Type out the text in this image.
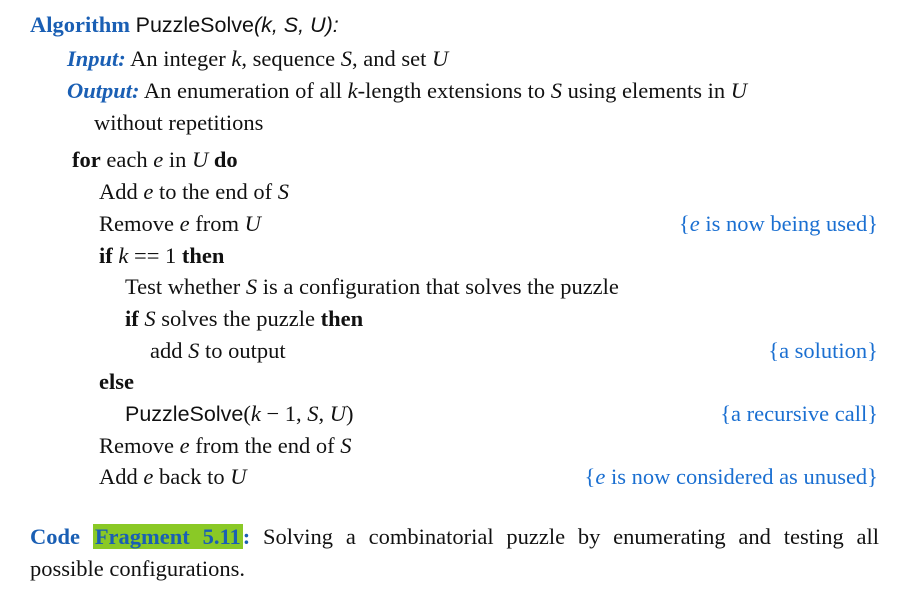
Algorithm PuzzleSolve(k, S, U):
Input: An integer k, sequence S, and set U
Output: An enumeration of all k-length extensions to S using elements in U
without repetitions
for each e in U do
Add e to the end of S
Remove e from U	{e is now being used}
if k == 1 then
Test whether S is a configuration that solves the puzzle
if S solves the puzzle then
add S to output	{a solution}
else
PuzzleSolve(k − 1, S, U)	{a recursive call}
Remove e from the end of S
Add e back to U	{e is now considered as unused}
Code Fragment 5.11: Solving a combinatorial puzzle by enumerating and testing all possible configurations.
